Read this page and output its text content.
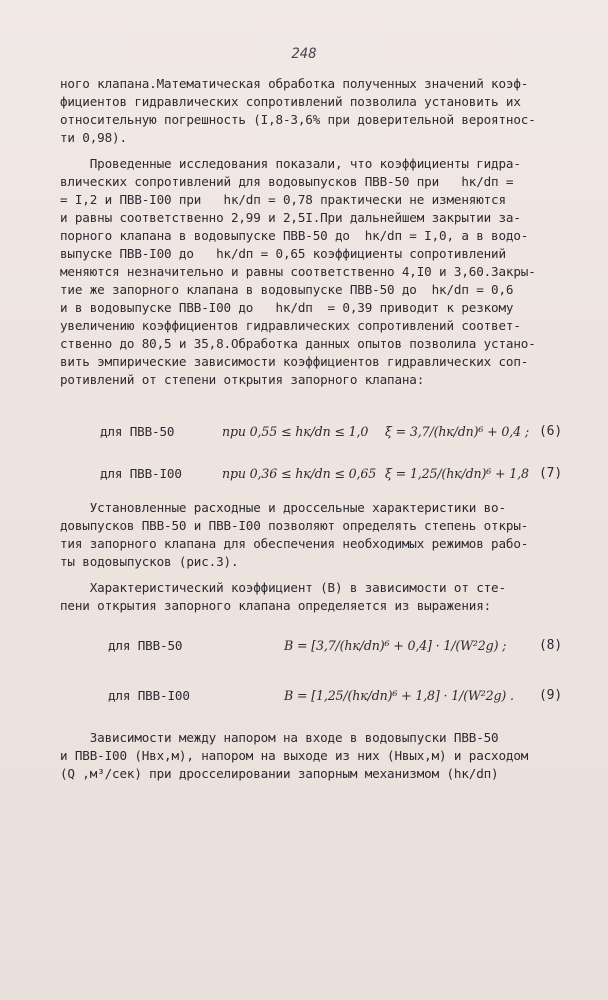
248
ного клапана.Математическая обработка полученных значений коэф-
фициентов гидравлических сопротивлений позволила установить их
относительную погрешность (I,8-3,6% при доверительной вероятнос-
ти 0,98).
Проведенные исследования показали, что коэффициенты гидра-
влических сопротивлений для водовыпусков ПВВ-50 при   hк/dп =
= I,2 и ПВВ-I00 при   hк/dп = 0,78 практически не изменяются
и равны соответственно 2,99 и 2,5I.При дальнейшем закрытии за-
порного клапана в водовыпуске ПВВ-50 до  hк/dп = I,0, а в водо-
выпуске ПВВ-I00 до   hк/dп = 0,65 коэффициенты сопротивлений
меняются незначительно и равны соответственно 4,I0 и 3,60.Закры-
тие же запорного клапана в водовыпуске ПВВ-50 до  hк/dп = 0,6
и в водовыпуске ПВВ-I00 до   hк/dп  = 0,39 приводит к резкому
увеличению коэффициентов гидравлических сопротивлений соответ-
ственно до 80,5 и 35,8.Обработка данных опытов позволила устано-
вить эмпирические зависимости коэффициентов гидравлических соп-
ротивлений от степени открытия запорного клапана:
для ПВВ-50	при 0,55 ≤ hк/dп ≤ 1,0 ξ = 3,7/(hк/dп)⁶ + 0,4 ; (6)
для ПВВ-I00	при 0,36 ≤ hк/dп ≤ 0,65 ξ = 1,25/(hк/dп)⁶ + 1,8 (7)
Установленные расходные и дроссельные характеристики во-
довыпусков ПВВ-50 и ПВВ-I00 позволяют определять степень откры-
тия запорного клапана для обеспечения необходимых режимов рабо-
ты водовыпусков (рис.3).
Характеристический коэффициент (В) в зависимости от сте-
пени открытия запорного клапана определяется из выражения:
для ПВВ-50	B = [3,7/(hк/dп)⁶ + 0,4] · 1/(W²2g) ;	(8)
для ПВВ-I00	B = [1,25/(hк/dп)⁶ + 1,8] · 1/(W²2g) . (9)
Зависимости между напором на входе в водовыпуски ПВВ-50
и ПВВ-I00 (Hвх,м), напором на выходе из них (Hвых,м) и расходом
(Q ,м³/сек) при дросселировании запорным механизмом (hк/dп)
